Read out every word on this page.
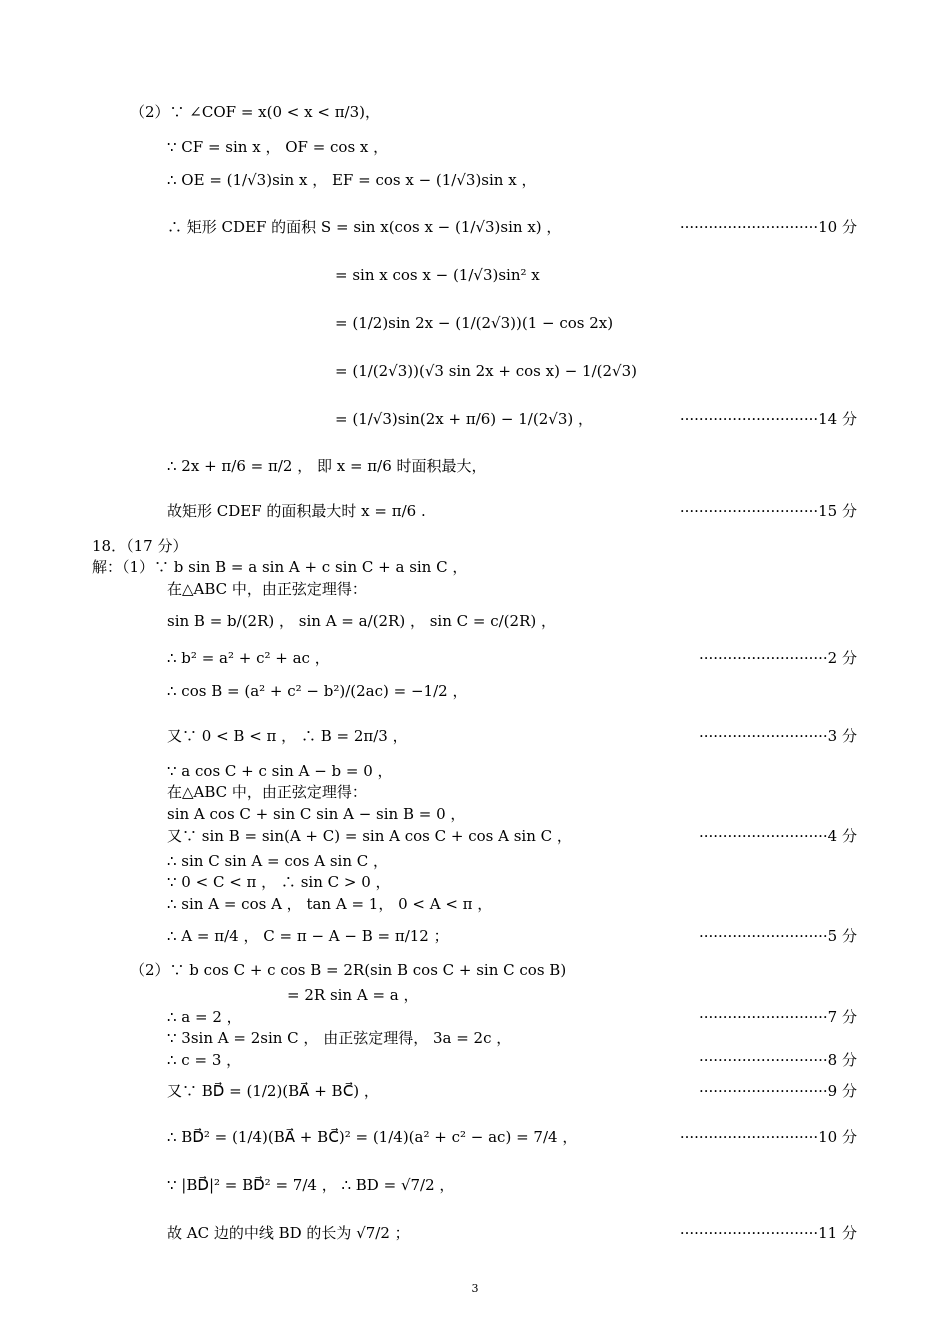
（2）∵ ∠COF = x(0 < x < π/3)，
∵ CF = sin x ， OF = cos x ，
∴ OE = (1/√3)sin x ， EF = cos x − (1/√3)sin x ，
∴ 矩形 CDEF 的面积 S = sin x(cos x − (1/√3)sin x) ，	·····························10 分
= sin x cos x − (1/√3)sin² x
= (1/2)sin 2x − (1/(2√3))(1 − cos 2x)
= (1/(2√3))(√3 sin 2x + cos x) − 1/(2√3)
= (1/√3)sin(2x + π/6) − 1/(2√3) ，	·····························14 分
∴ 2x + π/6 = π/2 ， 即 x = π/6 时面积最大，
故矩形 CDEF 的面积最大时 x = π/6 .	·····························15 分
18．（17 分）
解：（1）∵ b sin B = a sin A + c sin C + a sin C ，
在△ABC 中，由正弦定理得：
sin B = b/(2R) ， sin A = a/(2R) ， sin C = c/(2R) ，
∴ b² = a² + c² + ac ，	···························2 分
∴ cos B = (a² + c² − b²)/(2ac) = −1/2 ，
又∵ 0 < B < π ， ∴ B = 2π/3 ，	···························3 分
∵ a cos C + c sin A − b = 0 ，
在△ABC 中，由正弦定理得：
sin A cos C + sin C sin A − sin B = 0 ，
又∵ sin B = sin(A + C) = sin A cos C + cos A sin C ，	···························4 分
∴ sin C sin A = cos A sin C ，
∵ 0 < C < π ， ∴ sin C > 0 ，
∴ sin A = cos A ， tan A = 1， 0 < A < π ，
∴ A = π/4 ， C = π − A − B = π/12 ；	···························5 分
（2）∵ b cos C + c cos B = 2R(sin B cos C + sin C cos B)
= 2R sin A = a ，
∴ a = 2 ，	···························7 分
∵ 3sin A = 2sin C ， 由正弦定理得， 3a = 2c ，
∴ c = 3 ，	···························8 分
又∵ BD⃗ = (1/2)(BA⃗ + BC⃗) ，	···························9 分
∴ BD⃗² = (1/4)(BA⃗ + BC⃗)² = (1/4)(a² + c² − ac) = 7/4 ，	·····························10 分
∵ |BD⃗|² = BD⃗² = 7/4 ， ∴ BD = √7/2 ，
故 AC 边的中线 BD 的长为 √7/2 ；	·····························11 分
3
